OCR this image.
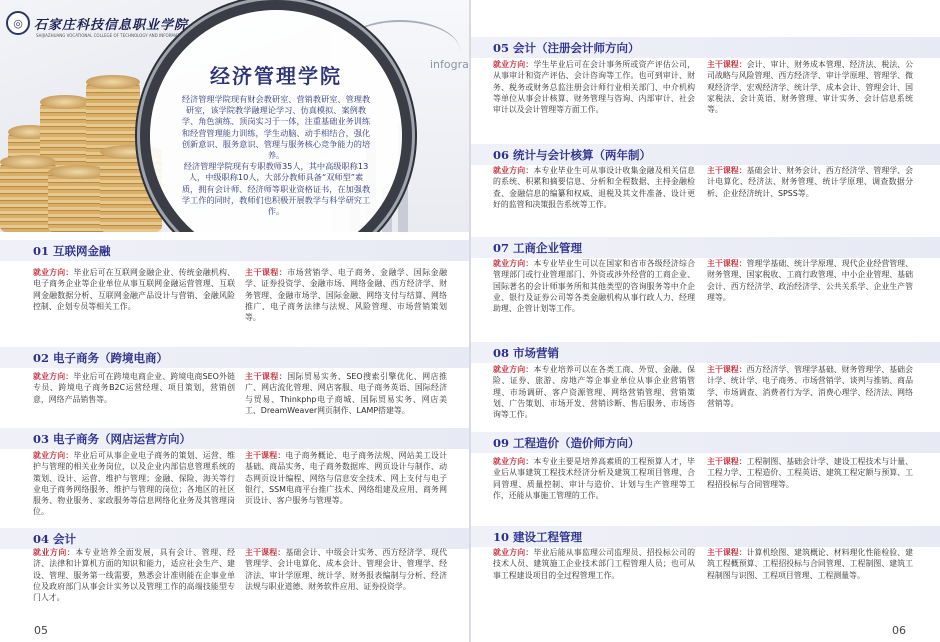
infogra
◎ 石家庄科技信息职业学院
SHIJIAZHUANG VOCATIONAL COLLEGE OF TECHNOLOGY AND INFORMATION
经济管理学院

经济管理学院现有财会教研室、营销教研室、管理教研室，该学院教学融理论学习、仿真模拟、案例教学、角色演练、顶岗实习于一体，注重基础业务训练和经营管理能力训练，学生动脑、动手相结合，强化创新意识、服务意识、管理与服务核心竞争能力的培养。

经济管理学院现有专职教师35人，其中高级职称13人，中级职称10人，大部分教师具备“双师型”素质，拥有会计师、经济师等职业资格证书，在加强教学工作的同时，教师们也积极开展教学与科学研究工作。

01 互联网金融
就业方向：毕业后可在互联网金融企业、传统金融机构、电子商务企业等企业单位从事互联网金融运营管理、互联网金融数据分析、互联网金融产品设计与营销、金融风险控制、企划专员等相关工作。
主干课程：市场营销学、电子商务、金融学、国际金融学、证券投资学、金融市场、网络金融、西方经济学、财务管理、金融市场学、国际金融、网络支付与结算、网络推广、电子商务法律与法规、风险管理、市场营销策划等。
02 电子商务（跨境电商）
就业方向：毕业后可在跨境电商企业、跨境电商SEO外链专员、跨境电子商务B2C运营经理、项目策划，营销创意，网络产品销售等。
主干课程：国际贸易实务、SEO搜索引擎优化、网店推广、网店流化管理、网店客服、电子商务英语、国际经济与贸易、Thinkphp电子商城、国际贸易实务、网店美工、DreamWeaver网页制作、LAMP搭建等。
03 电子商务（网店运营方向）
就业方向：毕业后可从事企业电子商务的策划、运营、维护与管理的相关业务岗位，以及企业内部信息管理系统的策划、设计、运营、维护与管理；金融、保险、海关等行业电子商务网络服务、维护与管理的岗位；各地区的社区服务、物业服务、家政服务等信息网络化业务及其管理岗位。
主干课程：电子商务概论、电子商务法规、网站美工设计基础、商品实务、电子商务数据库、网页设计与制作、动态网页设计编程、网络与信息安全技术、网上支付与电子银行、SSM电商平台推广技术、网络组建及应用、商务网页设计、客户服务与管理等。
04 会计
就业方向：本专业培养全面发展，具有会计、管理、经济、法律和计算机方面的知识和能力，适应社会生产、建设、管理、服务第一线需要，熟悉会计准则能在企事业单位及政府部门从事会计实务以及管理工作的高端技能型专门人才。
主干课程：基础会计、中级会计实务、西方经济学、现代管理学、会计电算化、成本会计、管理会计、管理学、经济法、审计学原理、统计学、财务报表编制与分析、经济法规与职业道德、财务软件应用、证券投资学。
05
05 会计（注册会计师方向）
就业方向：学生毕业后可在会计事务所或资产评估公司，从事审计和资产评估、会计咨询等工作。也可到审计、财务、税务或财务总监注册会计师行业相关部门、中介机构等单位从事会计核算、财务管理与咨询、内部审计、社会审计以及会计管理等方面工作。
主干课程：会计、审计、财务成本管理、经济法、税法、公司战略与风险管理、西方经济学、审计学原理、管理学、微观经济学、宏观经济学、统计学、成本会计、管理会计、国家税法、会计英语、财务管理、审计实务、会计信息系统等。
06 统计与会计核算（两年制）
就业方向：本专业毕业生可从事设计收集金融及相关信息的系统、积累和摘要信息、分析和全程数据、主持金融检查、金融信息的编纂和权威、退税及其文件准备、设计更好的监管和决策报告系统等工作。
主干课程：基础会计、财务会计、西方经济学、管理学、会计电算化、经济法、财务管理、统计学原理、调查数据分析、企业经济统计、SPSS等。
07 工商企业管理
就业方向：本专业毕业生可以在国家和省市各级经济综合管理部门或行业管理部门、外资或涉外经营的工商企业、国际著名的会计师事务所和其他类型的咨询服务等中介企业、银行及证券公司等各类金融机构从事行政人力、经理助理、企管计划等工作。
主干课程：管理学基础、统计学原理、现代企业经营管理、财务管理、国家税收、工商行政管理、中小企业管理、基础会计、西方经济学、政治经济学、公共关系学、企业生产管理等。
08 市场营销
就业方向：本专业培养可以在各类工商、外贸、金融、保险、证券、旅游、房地产等企事业单位从事企业营销管理、市场调研、客户资源管理、网络营销管理、营销策划、广告策划、市场开发、营销诊断、售后服务、市场咨询等工作。
主干课程：西方经济学、管理学基础、财务管理学、基础会计学、统计学、电子商务、市场营销学、谈判与推销、商品学、市场调查、消费者行为学、消费心理学、经济法、网络营销等。
09 工程造价（造价师方向）
就业方向：本专业主要是培养高素质的工程预算人才，毕业后从事建筑工程技术经济分析及建筑工程项目管理、合同管理、质量控制、审计与造价、计划与生产管理等工作，还能从事施工管理的工作。
主干课程：工程制图、基础会计学、建设工程技术与计量、工程力学、工程造价、工程英语、建筑工程定额与预算、工程招投标与合同管理等。
10 建设工程管理
就业方向：毕业后能从事监理公司监理员、招投标公司的技术人员、建筑施工企业技术部门工程管理人员；也可从事工程建设项目的全过程管理工作。
主干课程：计算机绘图、建筑概论、材料理化性能检验、建筑工程概预算、工程招投标与合同管理、工程制图、建筑工程制图与识图、工程项目管理、工程测量等。
06
